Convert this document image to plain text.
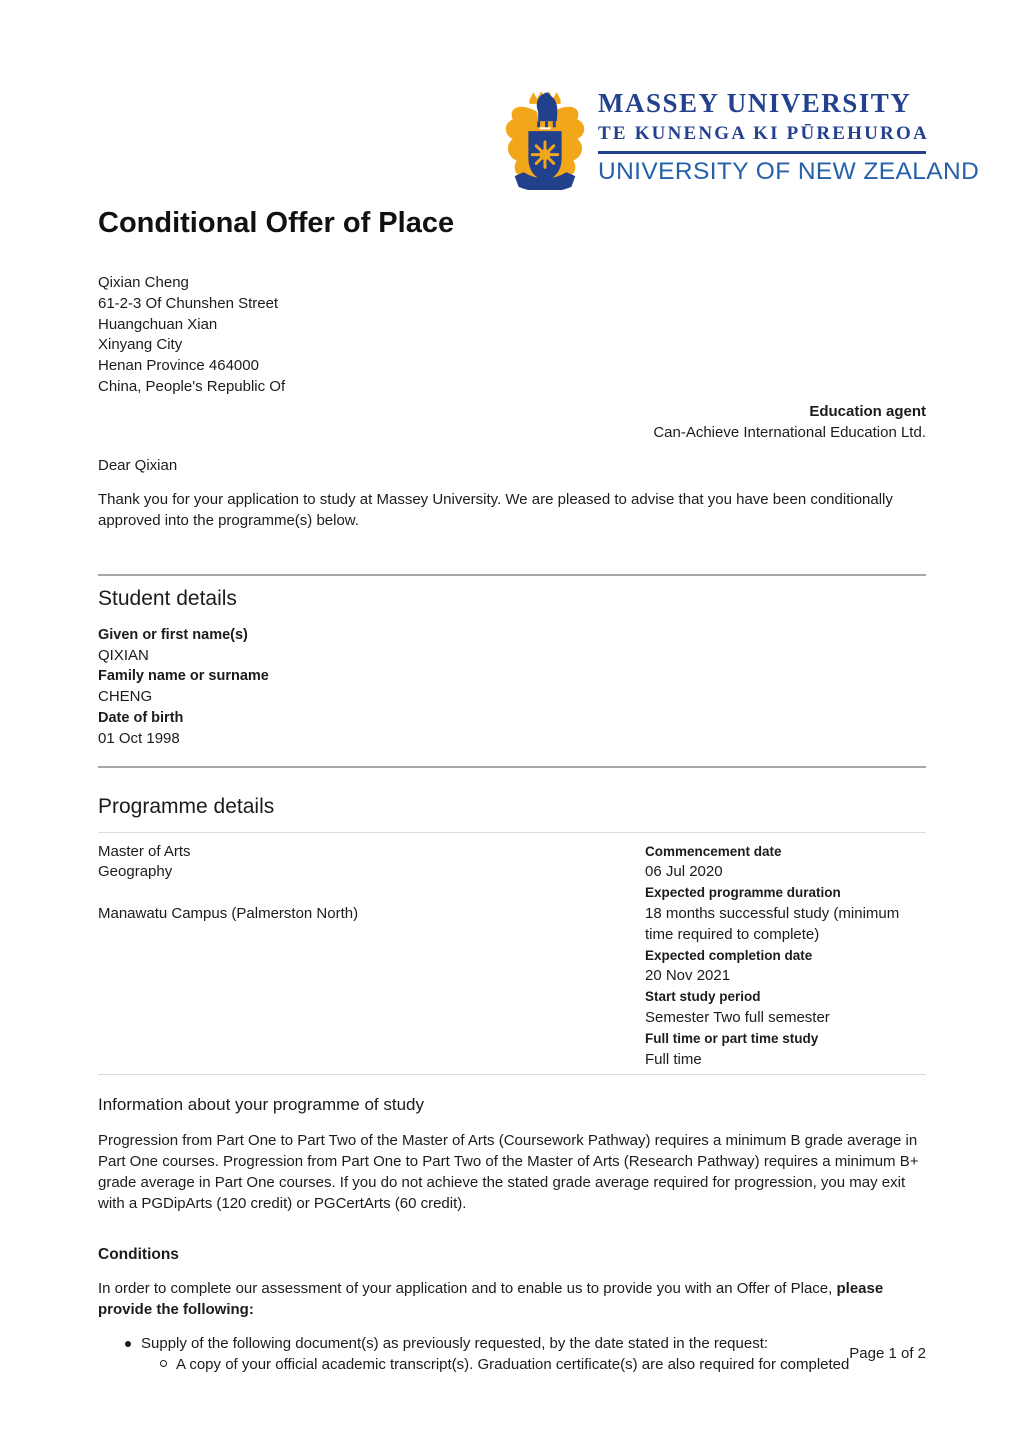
MASSEY UNIVERSITY
TE KUNENGA KI PŪREHUROA
UNIVERSITY OF NEW ZEALAND
Conditional Offer of Place
Qixian Cheng
61-2-3 Of Chunshen Street
Huangchuan Xian
Xinyang City
Henan Province 464000
China, People's Republic Of
Education agent
Can-Achieve International Education Ltd.
Dear Qixian

Thank you for your application to study at Massey University. We are pleased to advise that you have been conditionally approved into the programme(s) below.

Student details
Given or first name(s)
QIXIAN
Family name or surname
CHENG
Date of birth
01 Oct 1998
Programme details
Master of Arts
Geography
Manawatu Campus (Palmerston North)
Commencement date
06 Jul 2020
Expected programme duration
18 months successful study (minimum time required to complete)
Expected completion date
20 Nov 2021
Start study period
Semester Two full semester
Full time or part time study
Full time
Information about your programme of study

Progression from Part One to Part Two of the Master of Arts (Coursework Pathway) requires a minimum B grade average in Part One courses. Progression from Part One to Part Two of the Master of Arts (Research Pathway) requires a minimum B+ grade average in Part One courses. If you do not achieve the stated grade average required for progression, you may exit with a PGDipArts (120 credit) or PGCertArts (60 credit).

Conditions

In order to complete our assessment of your application and to enable us to provide you with an Offer of Place, please provide the following:

Supply of the following document(s) as previously requested, by the date stated in the request:
A copy of your official academic transcript(s). Graduation certificate(s) are also required for completed
Page 1 of 2
